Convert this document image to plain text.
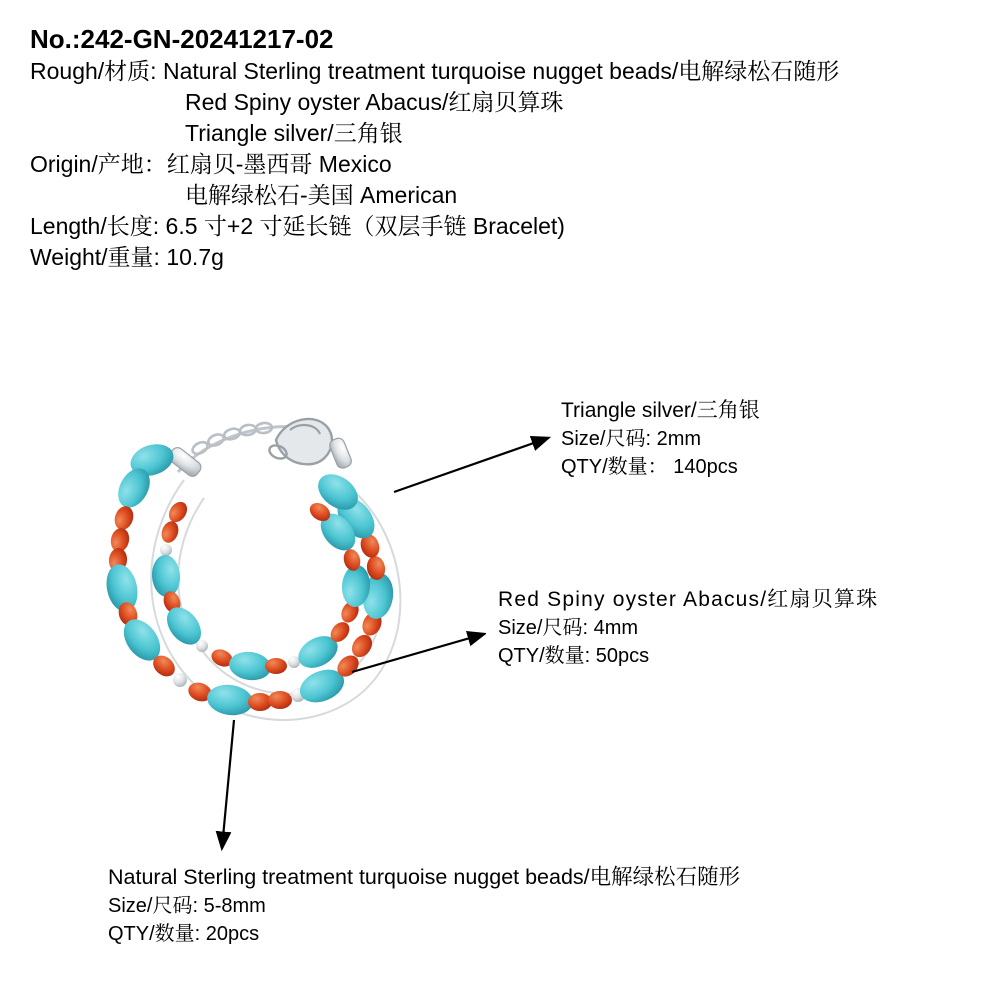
No.:242-GN-20241217-02
Rough/材质: Natural Sterling treatment turquoise nugget beads/电解绿松石随形
Red Spiny oyster Abacus/红扇贝算珠
Triangle silver/三角银
Origin/产地：红扇贝-墨西哥 Mexico
电解绿松石-美国 American
Length/长度: 6.5 寸+2 寸延长链（双层手链 Bracelet)
Weight/重量: 10.7g
Triangle silver/三角银
Size/尺码: 2mm
QTY/数量： 140pcs
Red Spiny oyster Abacus/红扇贝算珠
Size/尺码: 4mm
QTY/数量: 50pcs
Natural Sterling treatment turquoise nugget beads/电解绿松石随形
Size/尺码: 5-8mm
QTY/数量: 20pcs
